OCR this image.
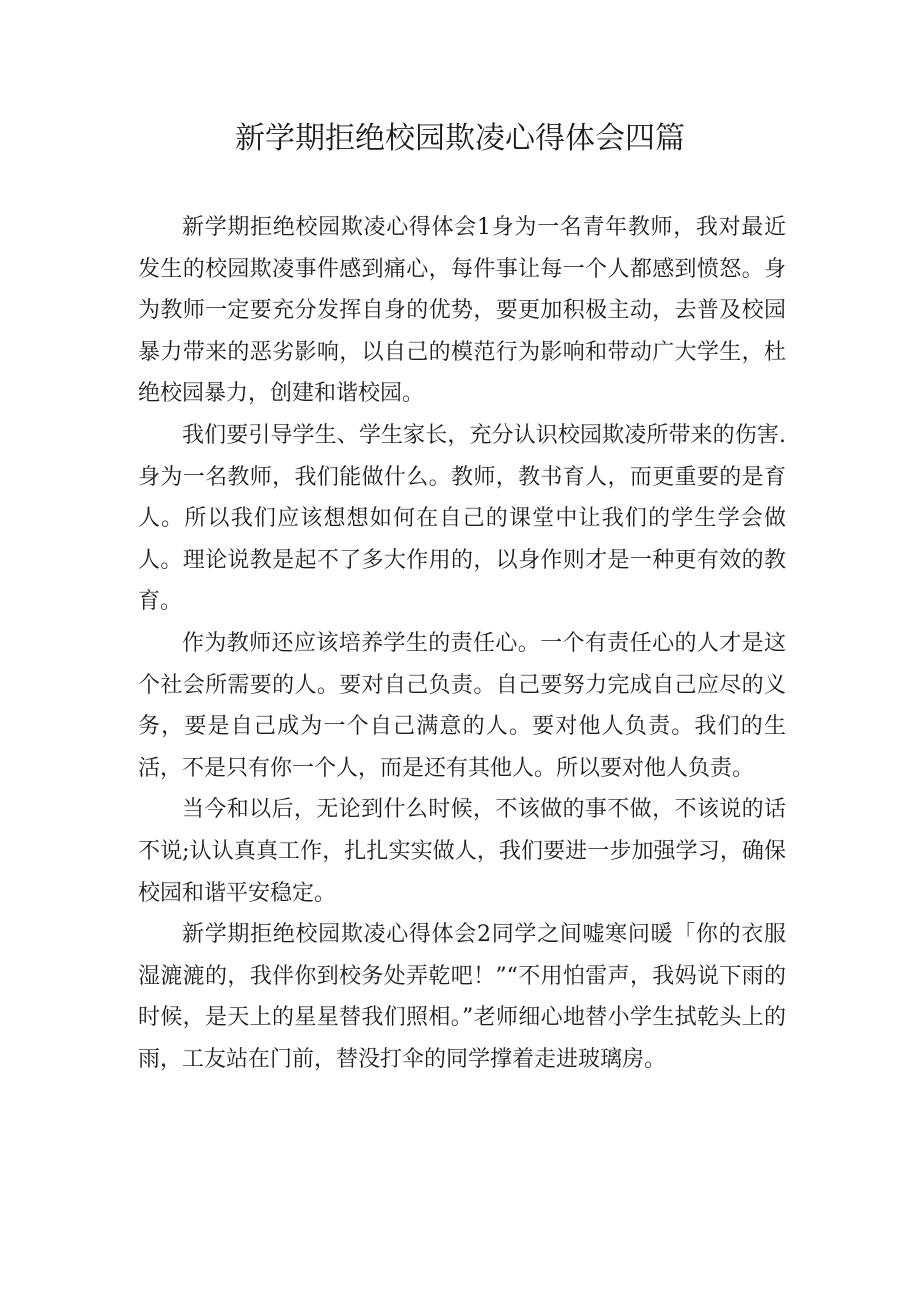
新学期拒绝校园欺凌心得体会四篇

新学期拒绝校园欺凌心得体会1身为一名青年教师，我对最近发生的校园欺凌事件感到痛心，每件事让每一个人都感到愤怒。身为教师一定要充分发挥自身的优势，要更加积极主动，去普及校园暴力带来的恶劣影响，以自己的模范行为影响和带动广大学生，杜绝校园暴力，创建和谐校园。

我们要引导学生、学生家长，充分认识校园欺凌所带来的伤害.身为一名教师，我们能做什么。教师，教书育人，而更重要的是育人。所以我们应该想想如何在自己的课堂中让我们的学生学会做人。理论说教是起不了多大作用的，以身作则才是一种更有效的教育。

作为教师还应该培养学生的责任心。一个有责任心的人才是这个社会所需要的人。要对自己负责。自己要努力完成自己应尽的义务，要是自己成为一个自己满意的人。要对他人负责。我们的生活，不是只有你一个人，而是还有其他人。所以要对他人负责。

当今和以后，无论到什么时候，不该做的事不做，不该说的话不说;认认真真工作，扎扎实实做人，我们要进一步加强学习，确保校园和谐平安稳定。

新学期拒绝校园欺凌心得体会2同学之间嘘寒问暖「你的衣服湿漉漉的，我伴你到校务处弄乾吧！”“不用怕雷声，我妈说下雨的时候，是天上的星星替我们照相。”老师细心地替小学生拭乾头上的雨，工友站在门前，替没打伞的同学撑着走进玻璃房。
